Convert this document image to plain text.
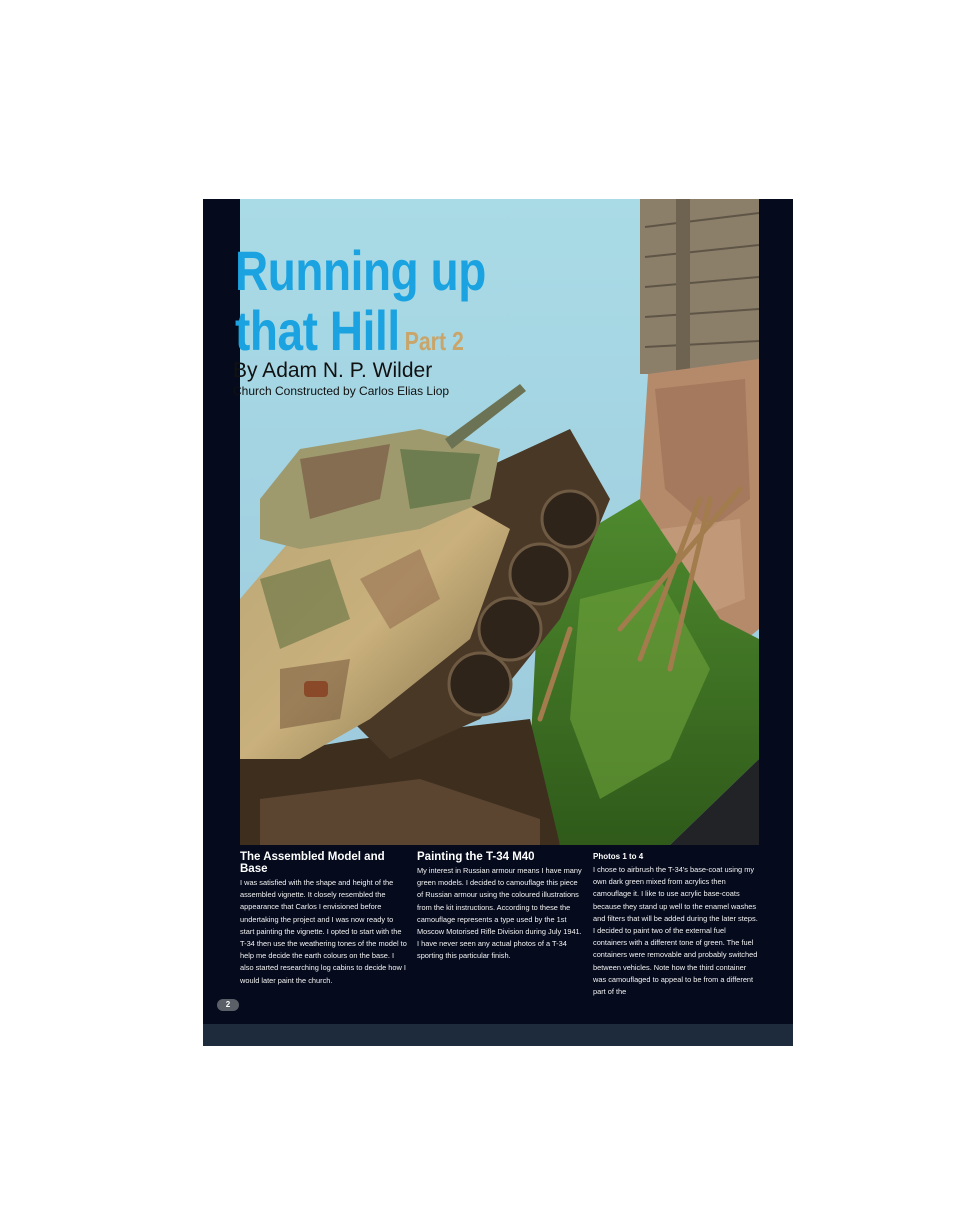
Running up
that Hill Part 2
By Adam N. P. Wilder
Church Constructed by Carlos Elias Liop
The Assembled Model and Base

I was satisfied with the shape and height of the assembled vignette. It closely resembled the appearance that Carlos I envisioned before undertaking the project and I was now ready to start painting the vignette. I opted to start with the T-34 then use the weathering tones of the model to help me decide the earth colours on the base. I also started researching log cabins to decide how I would later paint the church.

Painting the T-34 M40

My interest in Russian armour means I have many green models. I decided to camouflage this piece of Russian armour using the coloured illustrations from the kit instructions. According to these the camouflage represents a type used by the 1st Moscow Motorised Rifle Division during July 1941. I have never seen any actual photos of a T-34 sporting this particular finish.

Photos 1 to 4

I chose to airbrush the T-34's base-coat using my own dark green mixed from acrylics then camouflage it. I like to use acrylic base-coats because they stand up well to the enamel washes and filters that will be added during the later steps.

I decided to paint two of the external fuel containers with a different tone of green. The fuel containers were removable and probably switched between vehicles. Note how the third container was camouflaged to appeal to be from a different part of the

2
